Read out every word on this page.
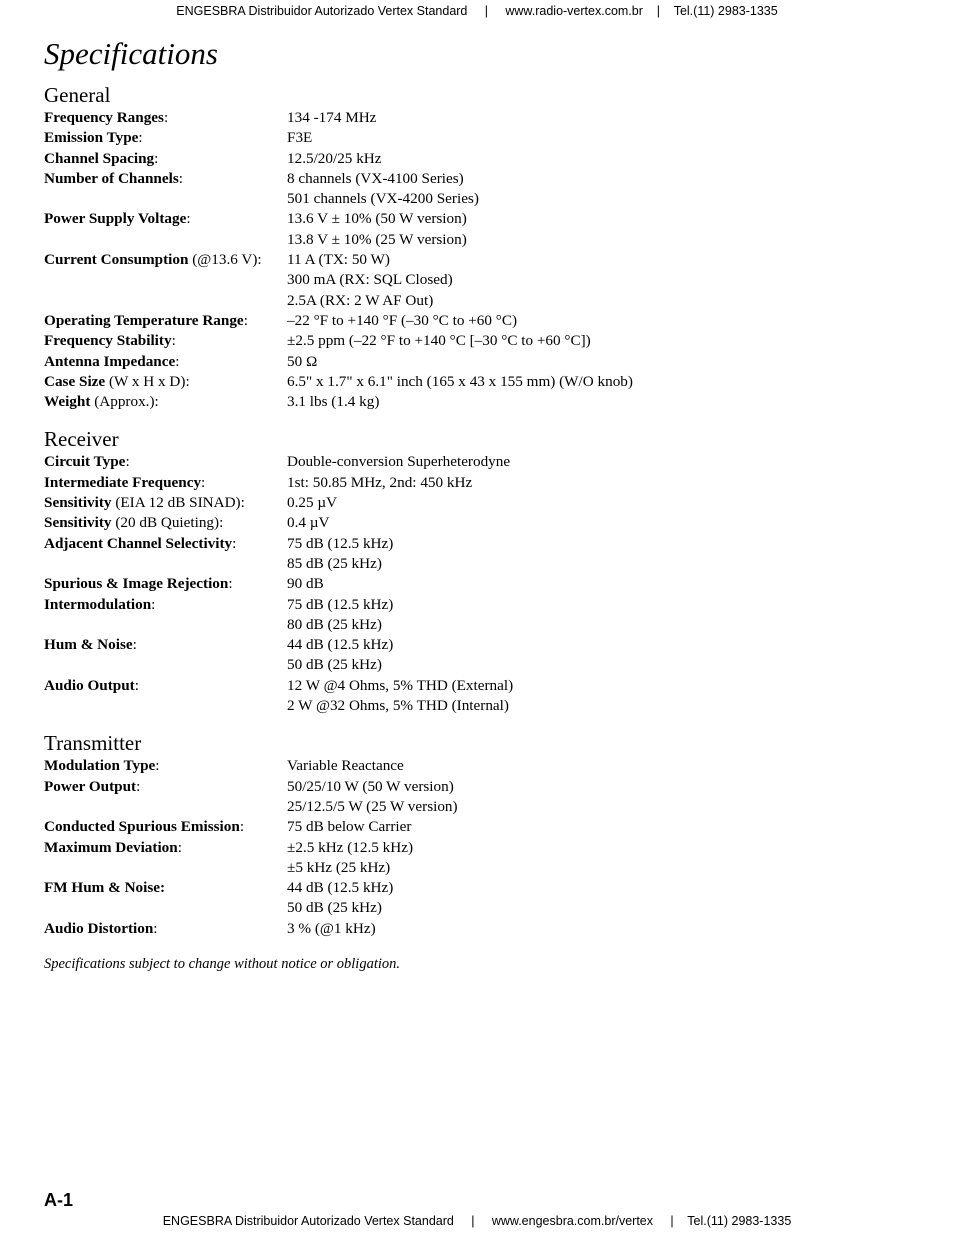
ENGESBRA Distribuidor Autorizado Vertex Standard     |     www.radio-vertex.com.br    |    Tel.(11) 2983-1335
Specifications
General
Frequency Ranges:	134 -174 MHz
Emission Type:	F3E
Channel Spacing:	12.5/20/25 kHz
Number of Channels:	8 channels (VX-4100 Series)
501 channels (VX-4200 Series)
Power Supply Voltage:	13.6 V ± 10% (50 W version)
13.8 V ± 10% (25 W version)
Current Consumption (@13.6 V):	11 A (TX: 50 W)
300 mA (RX: SQL Closed)
2.5A (RX: 2 W AF Out)
Operating Temperature Range:	–22 °F to +140 °F (–30 °C to +60 °C)
Frequency Stability:	±2.5 ppm (–22 °F to +140 °C [–30 °C to +60 °C])
Antenna Impedance:	50 Ω
Case Size (W x H x D):	6.5" x 1.7" x 6.1" inch (165 x 43 x 155 mm) (W/O knob)
Weight (Approx.):	3.1 lbs (1.4 kg)
Receiver
Circuit Type:	Double-conversion Superheterodyne
Intermediate Frequency:	1st: 50.85 MHz, 2nd: 450 kHz
Sensitivity (EIA 12 dB SINAD):	0.25 µV
Sensitivity (20 dB Quieting):	0.4 µV
Adjacent Channel Selectivity:	75 dB (12.5 kHz)
85 dB (25 kHz)
Spurious & Image Rejection:	90 dB
Intermodulation:	75 dB (12.5 kHz)
80 dB (25 kHz)
Hum & Noise:	44 dB (12.5 kHz)
50 dB (25 kHz)
Audio Output:	12 W @4 Ohms, 5% THD (External)
2 W @32 Ohms, 5% THD (Internal)
Transmitter
Modulation Type:	Variable Reactance
Power Output:	50/25/10 W (50 W version)
25/12.5/5 W (25 W version)
Conducted Spurious Emission:	75 dB below Carrier
Maximum Deviation:	±2.5 kHz (12.5 kHz)
±5 kHz (25 kHz)
FM Hum & Noise:	44 dB (12.5 kHz)
50 dB (25 kHz)
Audio Distortion:	3 % (@1 kHz)
Specifications subject to change without notice or obligation.
A-1
ENGESBRA Distribuidor Autorizado Vertex Standard     |     www.engesbra.com.br/vertex     |    Tel.(11) 2983-1335
